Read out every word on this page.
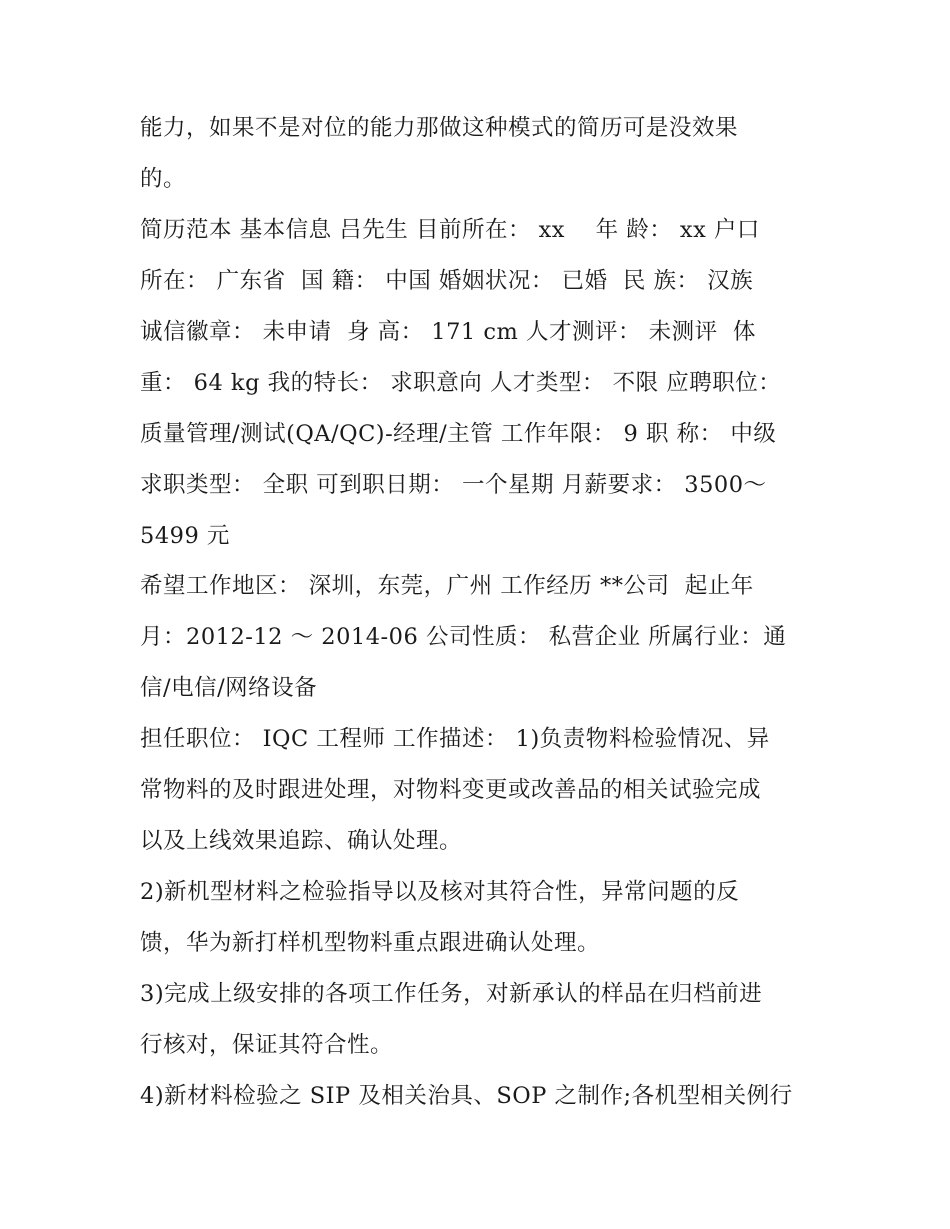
能力，如果不是对位的能力那做这种模式的简历可是没效果
的。
简历范本 基本信息 吕先生 目前所在： xx    年 龄： xx 户口
所在： 广东省  国 籍： 中国 婚姻状况： 已婚  民 族： 汉族
诚信徽章： 未申请  身 高： 171 cm 人才测评： 未测评  体
重： 64 kg 我的特长： 求职意向 人才类型： 不限 应聘职位：
质量管理/测试(QA/QC)-经理/主管 工作年限： 9 职 称： 中级
求职类型： 全职 可到职日期： 一个星期 月薪要求： 3500～
5499 元
希望工作地区： 深圳，东莞，广州 工作经历 **公司  起止年
月：2012-12 ～ 2014-06 公司性质： 私营企业 所属行业：通
信/电信/网络设备
担任职位： IQC 工程师 工作描述： 1)负责物料检验情况、异
常物料的及时跟进处理，对物料变更或改善品的相关试验完成
以及上线效果追踪、确认处理。
2)新机型材料之检验指导以及核对其符合性，异常问题的反
馈，华为新打样机型物料重点跟进确认处理。
3)完成上级安排的各项工作任务，对新承认的样品在归档前进
行核对，保证其符合性。
4)新材料检验之 SIP 及相关治具、SOP 之制作;各机型相关例行
